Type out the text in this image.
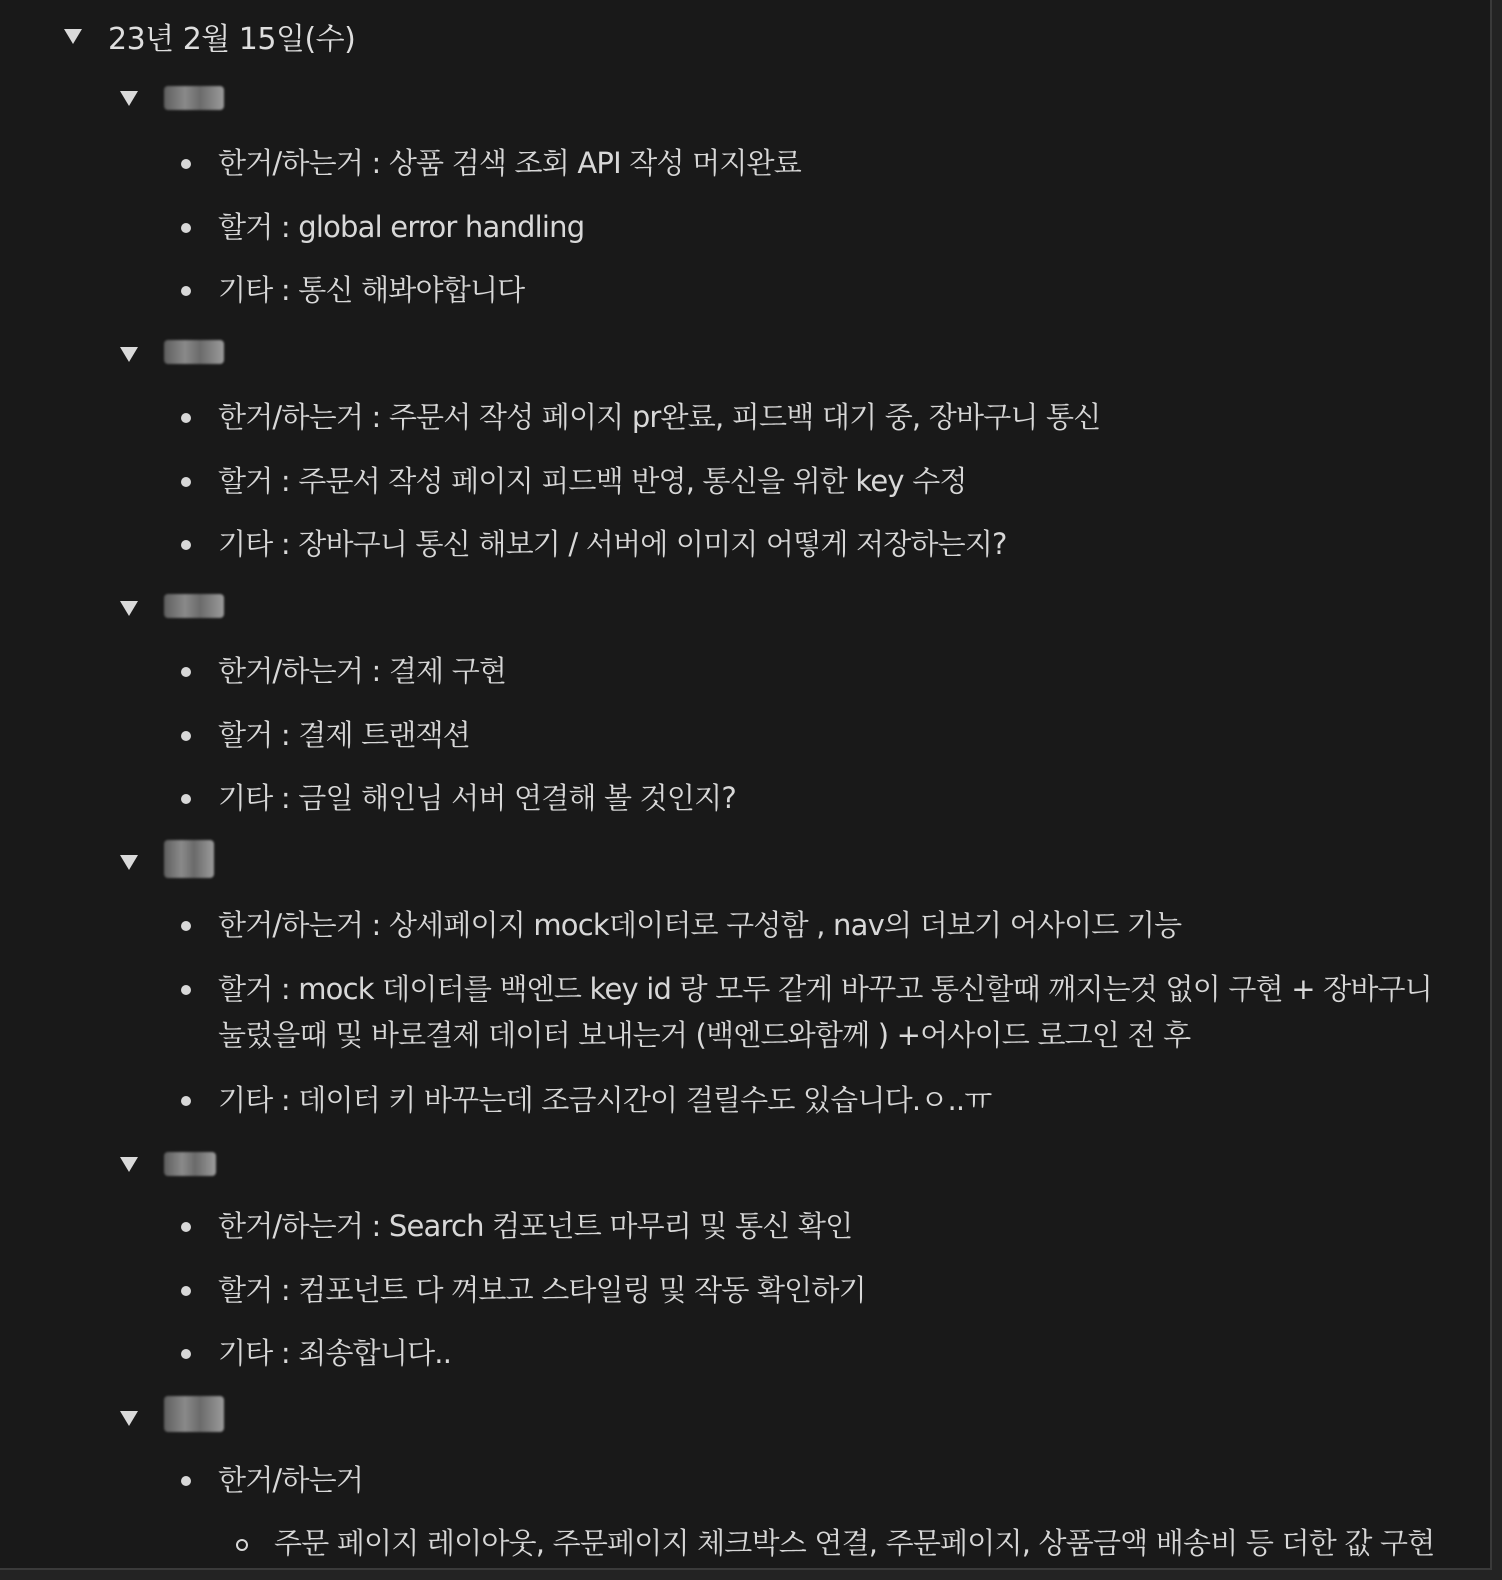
23년 2월 15일(수)
한거/하는거 : 상품 검색 조회 API 작성 머지완료
할거 : global error handling
기타 : 통신 해봐야합니다
한거/하는거 : 주문서 작성 페이지 pr완료, 피드백 대기 중, 장바구니 통신
할거 : 주문서 작성 페이지 피드백 반영, 통신을 위한 key 수정
기타 : 장바구니 통신 해보기 / 서버에 이미지 어떻게 저장하는지?
한거/하는거 : 결제 구현
할거 : 결제 트랜잭션
기타 : 금일 해인님 서버 연결해 볼 것인지?
한거/하는거 : 상세페이지 mock데이터로 구성함 , nav의 더보기 어사이드 기능
할거 : mock 데이터를 백엔드 key id 랑 모두 같게 바꾸고 통신할때 깨지는것 없이 구현 + 장바구니 눌렀을때 및 바로결제 데이터 보내는거 (백엔드와함께 ) +어사이드 로그인 전 후
기타 : 데이터 키 바꾸는데 조금시간이 걸릴수도 있습니다.ㅇ..ㅠ
한거/하는거 : Search 컴포넌트 마무리 및 통신 확인
할거 : 컴포넌트 다 껴보고 스타일링 및 작동 확인하기
기타 : 죄송합니다..
한거/하는거
주문 페이지 레이아웃, 주문페이지 체크박스 연결, 주문페이지, 상품금액 배송비 등 더한 값 구현
